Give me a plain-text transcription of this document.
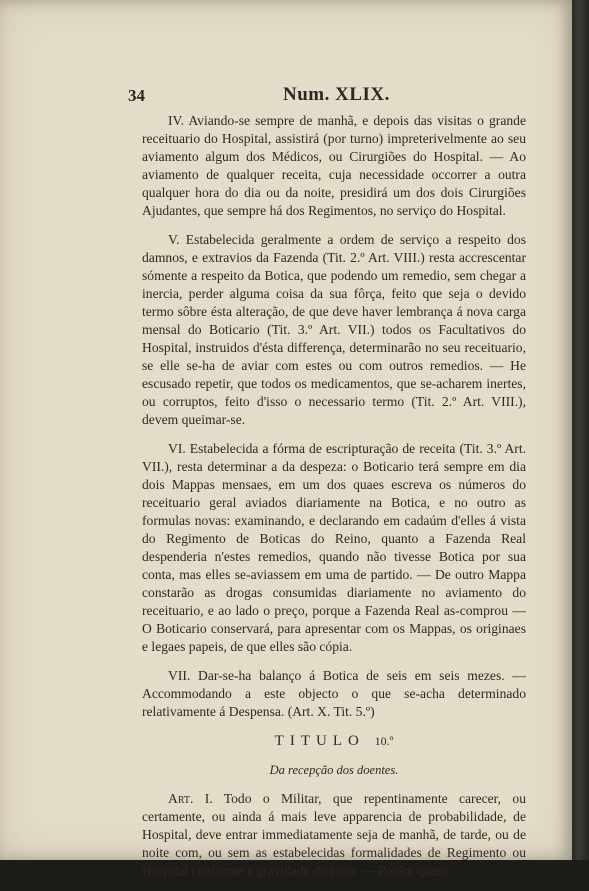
34	Num. XLIX.

IV. Aviando-se sempre de manhã, e depois das visitas o grande receituario do Hospital, assistirá (por turno) impreterivelmente ao seu aviamento algum dos Médicos, ou Cirurgiões do Hospital. — Ao aviamento de qualquer receita, cuja necessidade occorrer a outra qualquer hora do dia ou da noite, presidirá um dos dois Cirurgiões Ajudantes, que sempre há dos Regimentos, no serviço do Hospital.

V. Estabelecida geralmente a ordem de serviço a respeito dos damnos, e extravios da Fazenda (Tit. 2.º Art. VIII.) resta accrescentar sómente a respeito da Botica, que podendo um remedio, sem chegar a inercia, perder alguma coisa da sua fôrça, feito que seja o devido termo sôbre ésta alteração, de que deve haver lembrança á nova carga mensal do Boticario (Tit. 3.º Art. VII.) todos os Facultativos do Hospital, instruidos d'ésta differença, determinarão no seu receituario, se elle se-ha de aviar com estes ou com outros remedios. — He escusado repetir, que todos os medicamentos, que se-acharem inertes, ou corruptos, feito d'isso o necessario termo (Tit. 2.º Art. VIII.), devem queimar-se.

VI. Estabelecida a fórma de escripturação de receita (Tit. 3.º Art. VII.), resta determinar a da despeza: o Boticario terá sempre em dia dois Mappas mensaes, em um dos quaes escreva os números do receituario geral aviados diariamente na Botica, e no outro as formulas novas: examinando, e declarando em cadaúm d'elles á vista do Regimento de Boticas do Reino, quanto a Fazenda Real despenderia n'estes remedios, quando não tivesse Botica por sua conta, mas elles se-aviassem em uma de partido. — De outro Mappa constarão as drogas consumidas diariamente no aviamento do receituario, e ao lado o preço, porque a Fazenda Real as-comprou — O Boticario conservará, para apresentar com os Mappas, os originaes e legaes papeis, de que elles são cópia.

VII. Dar-se-ha balanço á Botica de seis em seis mezes. — Accommodando a este objecto o que se-acha determinado relativamente á Despensa. (Art. X. Tit. 5.º)

TITULO 10.º

Da recepção dos doentes.

Art. I. Todo o Militar, que repentinamente carecer, ou certamente, ou ainda á mais leve apparencia de probabilidade, de Hospital, deve entrar immediatamente seja de manhã, de tarde, ou de noite com, ou sem as estabelecidas formalidades de Regimento ou Hospital conforme a gravidade do caso. — Porém quan-
